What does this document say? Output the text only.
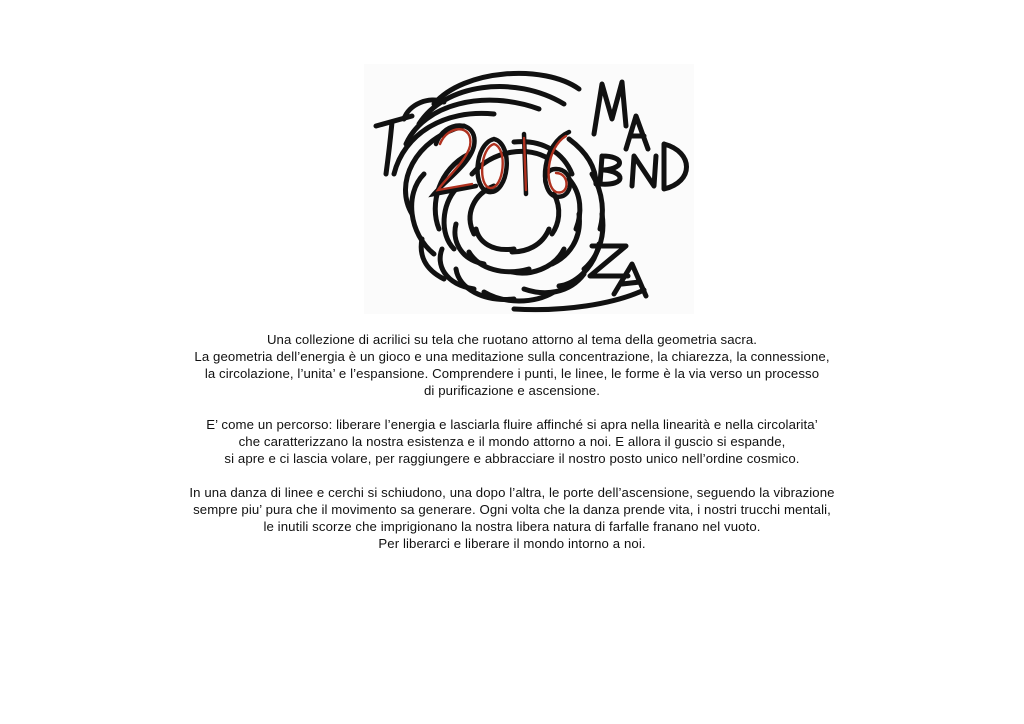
Una collezione di acrilici su tela che ruotano attorno al tema della geometria sacra.
La geometria dell’energia è un gioco e una meditazione sulla concentrazione, la chiarezza, la connessione,
la circolazione, l’unita’ e l’espansione. Comprendere i punti, le linee, le forme è la via verso un processo
di purificazione e ascensione.

E’ come un percorso: liberare l’energia e lasciarla fluire affinché si apra nella linearità e nella circolarita’
che caratterizzano la nostra esistenza e il mondo attorno a noi. E allora il guscio si espande,
si apre e ci lascia volare, per raggiungere e abbracciare il nostro posto unico nell’ordine cosmico.

In una danza di linee e cerchi si schiudono, una dopo l’altra, le porte dell’ascensione, seguendo la vibrazione
sempre piu’ pura che il movimento sa generare. Ogni volta che la danza prende vita, i nostri trucchi mentali,
le inutili scorze che imprigionano la nostra libera natura di farfalle franano nel vuoto.
Per liberarci e liberare il mondo intorno a noi.
